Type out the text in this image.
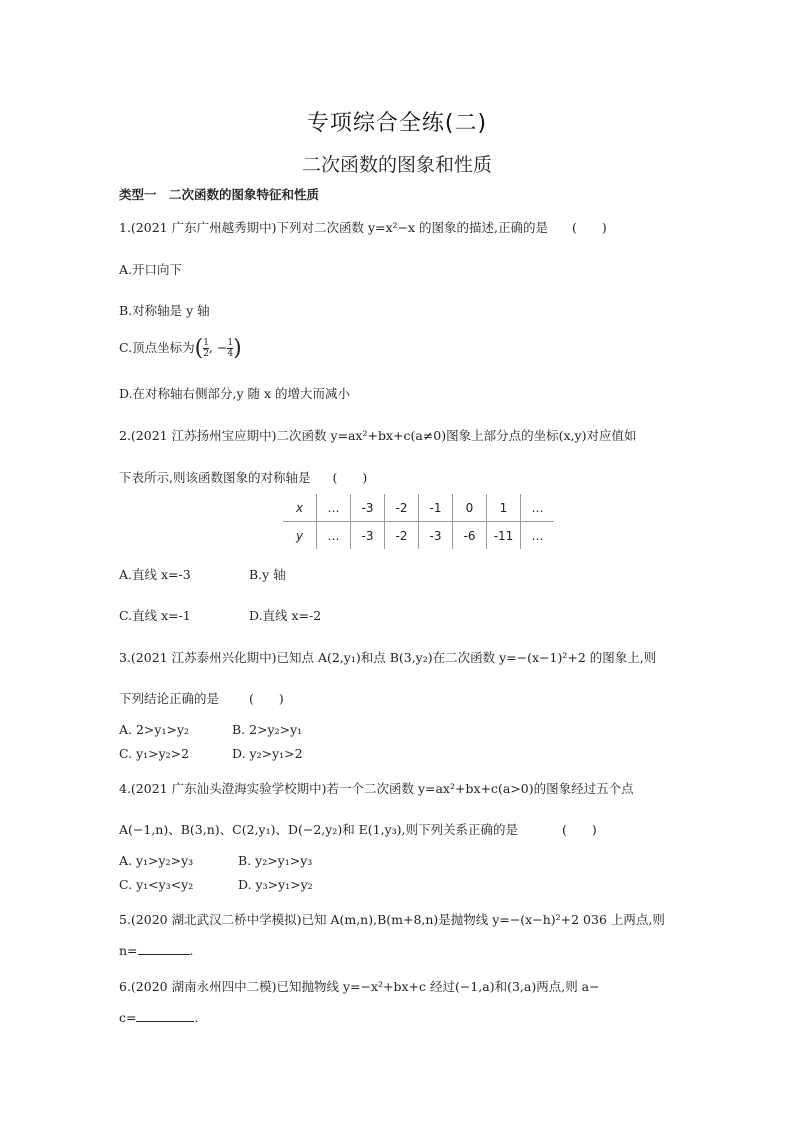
专项综合全练(二)
二次函数的图象和性质
类型一　二次函数的图象特征和性质
1.(2021 广东广州越秀期中)下列对二次函数 y=x²−x 的图象的描述,正确的是 (　　)
A.开口向下
B.对称轴是 y 轴
C.顶点坐标为( $\frac{1}{2}$ , − $\frac{1}{4}$ )
D.在对称轴右侧部分,y 随 x 的增大而减小
2.(2021 江苏扬州宝应期中)二次函数 y=ax²+bx+c(a≠0)图象上部分点的坐标(x,y)对应值如
下表所示,则该函数图象的对称轴是 (　　)
x	…	-3	-2	-1	0	1	…
y	…	-3	-2	-3	-6	-11	…
A.直线 x=-3	B.y 轴
C.直线 x=-1	D.直线 x=-2
3.(2021 江苏泰州兴化期中)已知点 A(2,y₁)和点 B(3,y₂)在二次函数 y=−(x−1)²+2 的图象上,则
下列结论正确的是 (　　)
A. 2>y₁>y₂	B. 2>y₂>y₁
C. y₁>y₂>2	D. y₂>y₁>2
4.(2021 广东汕头澄海实验学校期中)若一个二次函数 y=ax²+bx+c(a>0)的图象经过五个点
A(−1,n)、B(3,n)、C(2,y₁)、D(−2,y₂)和 E(1,y₃),则下列关系正确的是	(　　)
A. y₁>y₂>y₃	B. y₂>y₁>y₃
C. y₁<y₃<y₂	D. y₃>y₁>y₂
5.(2020 湖北武汉二桥中学模拟)已知 A(m,n),B(m+8,n)是抛物线 y=−(x−h)²+2 036 上两点,则
n=	.
6.(2020 湖南永州四中二模)已知抛物线 y=−x²+bx+c 经过(−1,a)和(3,a)两点,则 a−
c=	.
